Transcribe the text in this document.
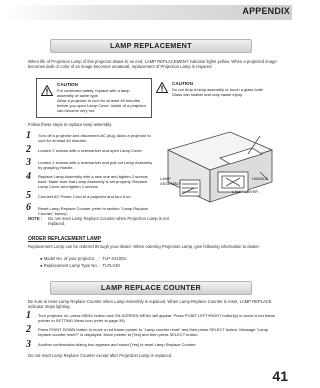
APPENDIX
LAMP REPLACEMENT
When life of Projection Lamp of this projector draws to an end, LAMP REPLACEMENT indicator lights yellow. When a projected image becomes dark or color of an image becomes unnatural, replacement of Projection Lamp is required.
CAUTION
For continued safety, replace with a lamp assembly of same type.
Allow a projector to cool for at least 45 minutes before you open Lamp Cover. Inside of a projector can become very hot.
CAUTION
Do not drop a lamp assembly or touch a glass bulb! Glass can shatter and may cause injury.
Follow these steps to replace lamp assembly.
1 Turn off a projector and disconnect AC plug. Allow a projector to cool for at least 45 minutes.
2 Loosen 2 screws with a screwdriver and open Lamp Cover.
3 Loosen 2 screws with a screwdriver and pull out Lamp Assembly by grasping Handle.
4 Replace Lamp Assembly with a new one and tighten 2 screws back. Make sure that Lamp Assembly is set properly. Replace Lamp Cover and tighten 2 screws.
5 Connect AC Power Cord to a projector and turn it on.
6 Reset Lamp Replace Counter (refer to section "Lamp Replace Counter" below).
LAMP COVER
HANDLE
LAMP
ASSEMBLY
NOTE : Do not reset Lamp Replace Counter when Projection Lamp is not replaced.
ORDER REPLACEMENT LAMP
Replacement Lamp can be ordered through your dealer. When ordering Projection Lamp, give following information to dealer.
● Model No. of your projector    :  TLP-X4100U
● Replacement Lamp Type No. :  TLPLX40
LAMP REPLACE COUNTER
Be sure to reset Lamp Replace Counter when Lamp Assembly is replaced. When Lamp Replace Counter is reset, LAMP REPLACE indicator stops lighting.
1 Turn projector on, press MENU button and ON-SCREEN MENU will appear. Press POINT LEFT/RIGHT button(s) to move a red frame pointer to SETTING Menu icon (refer to page 39).
2 Press POINT DOWN button to move a red frame pointer to "Lamp counter reset" and then press SELECT button. Message "Lamp replace counter reset?" is displayed. Move pointer to [Yes] and then press SELECT button.
3 Another confirmation dialog box appears and select [Yes] to reset Lamp Replace Counter.
Do not reset Lamp Replace Counter except after Projection Lamp is replaced.
41
